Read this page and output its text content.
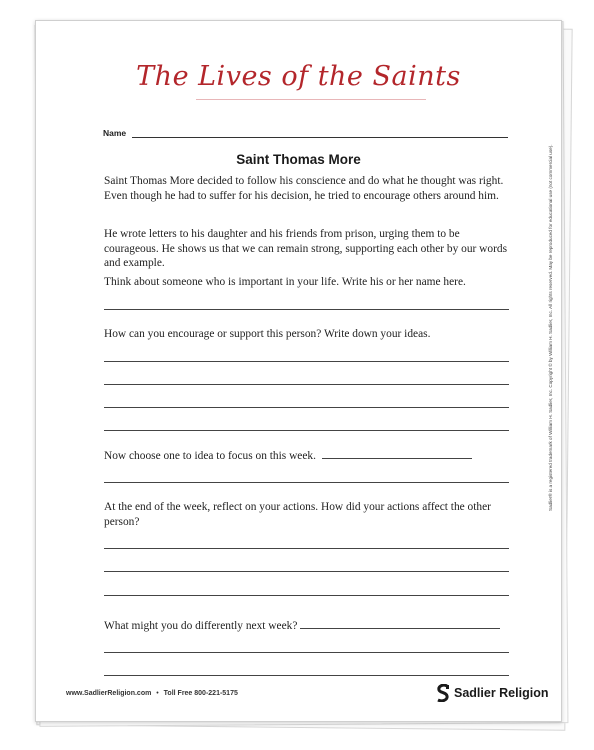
The Lives of the Saints
Name
Saint Thomas More

Saint Thomas More decided to follow his conscience and do what he thought was right. Even though he had to suffer for his decision, he tried to encourage others around him.

He wrote letters to his daughter and his friends from prison, urging them to be courageous. He shows us that we can remain strong, supporting each other by our words and example.

Think about someone who is important in your life. Write his or her name here.
How can you encourage or support this person? Write down your ideas.
Now choose one to idea to focus on this week.
At the end of the week, reflect on your actions. How did your actions affect the other person?
What might you do differently next week?
Sadlier® is a registered trademark of William H. Sadlier, Inc. Copyright © by William H. Sadlier, Inc. All rights reserved. May be reproduced for educational use (not commercial use).
www.SadlierReligion.com • Toll Free 800-221-5175	Sadlier Religion
